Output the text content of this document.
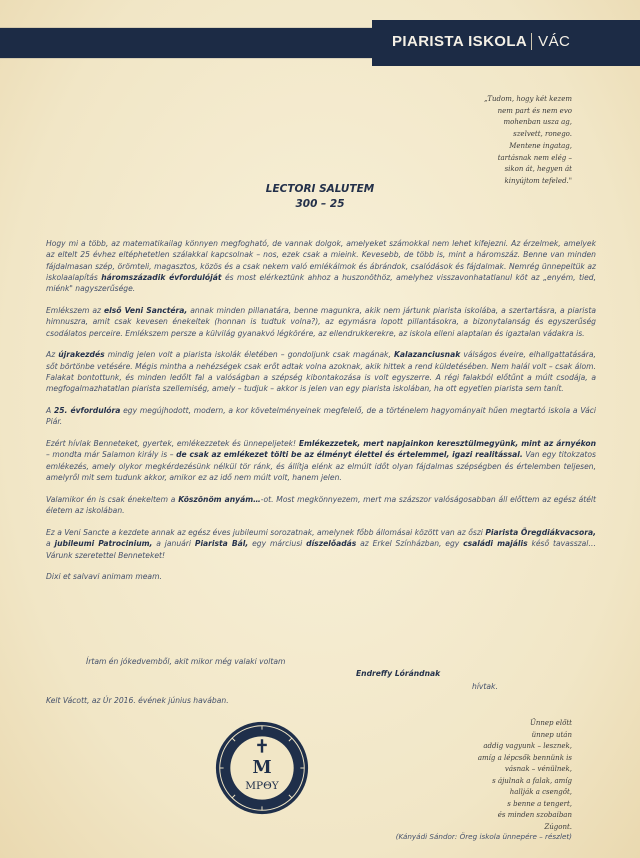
PIARISTA ISKOLA VÁC
„Tudom, hogy két kezem
nem part és nem evo
mohenban usza ag,
szelvett, ronego.
Mentene ingatag,
tartásnak nem elég –
sikon át, hegyen át
kinyújtom tefeled."
LECTORI SALUTEM
300 – 25

Hogy mi a több, az matematikailag könnyen megfogható, de vannak dolgok, amelyeket számokkal nem lehet kifejezni. Az érzelmek, amelyek az eltelt 25 évhez eltéphetetlen szálakkal kapcsolnak – nos, ezek csak a mieink. Kevesebb, de több is, mint a háromszáz. Benne van minden fájdalmasan szép, örömteli, magasztos, közös és a csak nekem való emlékálmok és ábrándok, csalódások és fájdalmak. Nemrég ünnepeltük az iskolaalapítás háromszázadik évfordulóját és most elérkeztünk ahhoz a huszonöthöz, amelyhez visszavonhatatlanul köt az „enyém, tied, miénk" nagyszerűsége.

Emlékszem az első Veni Sanctéra, annak minden pillanatára, benne magunkra, akik nem jártunk piarista iskolába, a szertartásra, a piarista himnuszra, amit csak kevesen énekeltek (honnan is tudtuk volna?), az egymásra lopott pillantásokra, a bizonytalanság és egyszerűség csodálatos perceire. Emlékszem persze a külvilág gyanakvó légkörére, az ellendrukkerekre, az iskola elleni alaptalan és igaztalan vádakra is.

Az újrakezdés mindig jelen volt a piarista iskolák életében – gondoljunk csak magának, Kalazanciusnak válságos éveire, elhallgattatására, sőt börtönbe vetésére. Mégis mintha a nehézségek csak erőt adtak volna azoknak, akik hittek a rend küldetésében. Nem halál volt – csak álom. Falakat bontottunk, és minden ledőlt fal a valóságban a szépség kibontakozása is volt egyszerre. A régi falakból előtűnt a múlt csodája, a megfogalmazhatatlan piarista szellemiség, amely – tudjuk – akkor is jelen van egy piarista iskolában, ha ott egyetlen piarista sem tanít.

A 25. évfordulóra egy megújhodott, modern, a kor követelményeinek megfelelő, de a történelem hagyományait hűen megtartó iskola a Váci Piár.

Ezért hívlak Benneteket, gyertek, emlékezzetek és ünnepeljetek! Emlékezzetek, mert napjainkon keresztülmegyünk, mint az árnyékon – mondta már Salamon király is – de csak az emlékezet tölti be az élményt élettel és értelemmel, igazi realitással. Van egy titokzatos emlékezés, amely olykor megkérdezésünk nélkül tör ránk, és állítja elénk az elmúlt időt olyan fájdalmas szépségben és értelemben teljesen, amelyről mit sem tudunk akkor, amikor ez az idő nem múlt volt, hanem jelen.

Valamikor én is csak énekeltem a Köszönöm anyám…-ot. Most megkönnyezem, mert ma százszor valóságosabban áll előttem az egész átélt életem az iskolában.

Ez a Veni Sancte a kezdete annak az egész éves jubileumi sorozatnak, amelynek főbb állomásai között van az őszi Piarista Öregdiákvacsora, a jubileumi Patrocinium, a januári Piarista Bál, egy márciusi díszelőadás az Erkel Színházban, egy családi majális késő tavasszal… Várunk szeretettel Benneteket!

Dixi et salvavi animam meam.

Írtam én jókedvemből, akit mikor még valaki voltam
Endreffy Lórándnak
hívtak.
Kelt Vácott, az Úr 2016. évének június havában.
M
MPΘY
Ünnep előtt
ünnep után
addig vagyunk – lesznek,
amíg a lépcsők bennünk is
vásnak – vénülnek,
s ájulnak a falak, amíg
hallják a csengőt,
s benne a tengert,
és minden szobaiban
Zúgont.
(Kányádi Sándor: Öreg iskola ünnepére – részlet)
